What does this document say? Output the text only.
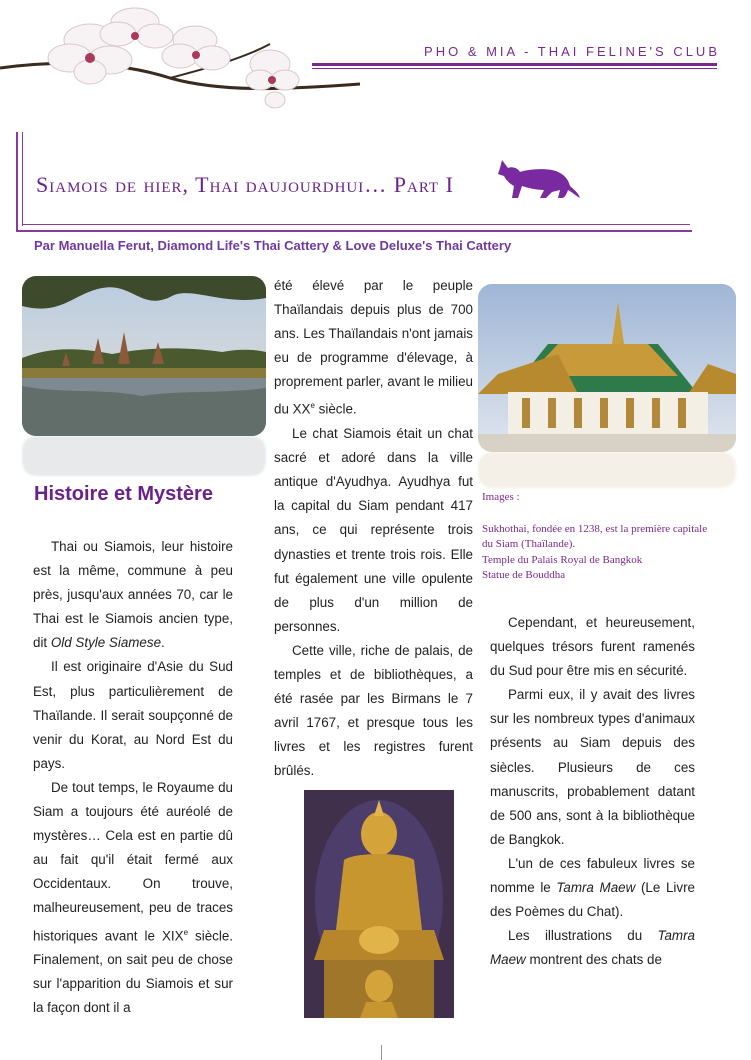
PHO & MIA - THAI FELINE'S CLUB
Siamois de hier, Thai daujourdhui… Part I
Par Manuella Ferut, Diamond Life's Thai Cattery & Love Deluxe's Thai Cattery
Histoire et Mystère

Thai ou Siamois, leur histoire est la même, commune à peu près, jusqu'aux années 70, car le Thai est le Siamois ancien type, dit Old Style Siamese.

Il est originaire d'Asie du Sud Est, plus particulièrement de Thaïlande. Il serait soupçonné de venir du Korat, au Nord Est du pays.

De tout temps, le Royaume du Siam a toujours été auréolé de mystères… Cela est en partie dû au fait qu'il était fermé aux Occidentaux. On trouve, malheureusement, peu de traces historiques avant le XIXe siècle. Finalement, on sait peu de chose sur l'apparition du Siamois et sur la façon dont il a

été élevé par le peuple Thaïlandais depuis plus de 700 ans. Les Thaïlandais n'ont jamais eu de programme d'élevage, à proprement parler, avant le milieu du XXe siècle.

Le chat Siamois était un chat sacré et adoré dans la ville antique d'Ayudhya. Ayudhya fut la capital du Siam pendant 417 ans, ce qui représente trois dynasties et trente trois rois. Elle fut également une ville opulente de plus d'un million de personnes.

Cette ville, riche de palais, de temples et de bibliothèques, a été rasée par les Birmans le 7 avril 1767, et presque tous les livres et les registres furent brûlés.

Images :
Sukhothai, fondée en 1238, est la première capitale du Siam (Thaïlande).
Temple du Palais Royal de Bangkok
Statue de Bouddha

Cependant, et heureusement, quelques trésors furent ramenés du Sud pour être mis en sécurité.

Parmi eux, il y avait des livres sur les nombreux types d'animaux présents au Siam depuis des siècles. Plusieurs de ces manuscrits, probablement datant de 500 ans, sont à la bibliothèque de Bangkok.

L'un de ces fabuleux livres se nomme le Tamra Maew (Le Livre des Poèmes du Chat).

Les illustrations du Tamra Maew montrent des chats de
